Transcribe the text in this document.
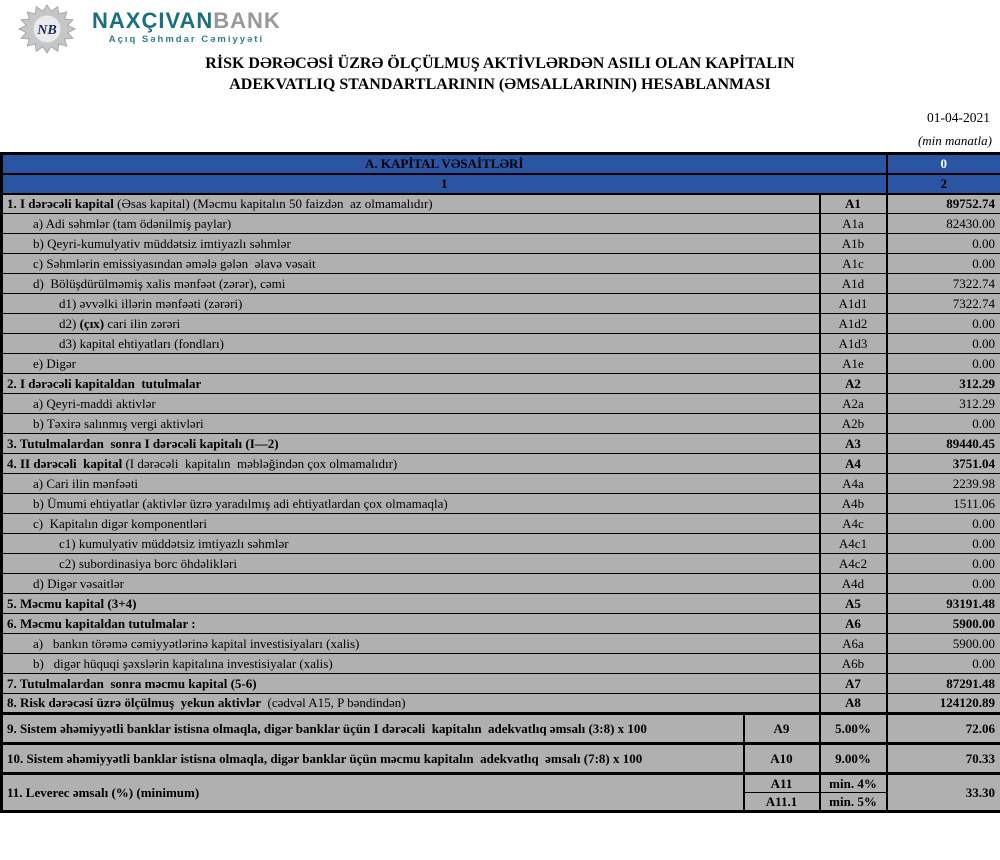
NB NAXÇIVANBANK
Açıq Səhmdar Cəmiyyəti
RİSK DƏRƏCƏSİ ÜZRƏ ÖLÇÜLMUŞ AKTİVLƏRDƏN ASILI OLAN KAPİTALIN
ADEKVATLIQ STANDARTLARININ (ƏMSALLARININ) HESABLANMASI
01-04-2021
(min manatla)
A. KAPİTAL VƏSAİTLƏRİ			0
1			2
1. I dərəcəli kapital (Əsas kapital) (Məcmu kapitalın 50 faizdən  az olmamalıdır)		A1	89752.74
a) Adi səhmlər (tam ödənilmiş paylar)		A1a	82430.00
b) Qeyri-kumulyativ müddətsiz imtiyazlı səhmlər		A1b	0.00
c) Səhmlərin emissiyasından əmələ gələn  əlavə vəsait		A1c	0.00
d)  Bölüşdürülməmiş xalis mənfəət (zərər), cəmi		A1d	7322.74
d1) əvvəlki illərin mənfəəti (zərəri)		A1d1	7322.74
d2) (çıx) cari ilin zərəri		A1d2	0.00
d3) kapital ehtiyatları (fondları)		A1d3	0.00
e) Digər		A1e	0.00
2. I dərəcəli kapitaldan  tutulmalar		A2	312.29
a) Qeyri-maddi aktivlər		A2a	312.29
b) Təxirə salınmış vergi aktivləri		A2b	0.00
3. Tutulmalardan  sonra I dərəcəli kapitalı (I—2)		A3	89440.45
4. II dərəcəli  kapital (I dərəcəli  kapitalın  məbləğindən çox olmamalıdır)		A4	3751.04
a) Cari ilin mənfəəti		A4a	2239.98
b) Ümumi ehtiyatlar (aktivlər üzrə yaradılmış adi ehtiyatlardan çox olmamaqla)		A4b	1511.06
c)  Kapitalın digər komponentləri		A4c	0.00
c1) kumulyativ müddətsiz imtiyazlı səhmlər		A4c1	0.00
c2) subordinasiya borc öhdəlikləri		A4c2	0.00
d) Digər vəsaitlər		A4d	0.00
5. Məcmu kapital (3+4)		A5	93191.48
6. Məcmu kapitaldan tutulmalar :		A6	5900.00
a)   bankın törəmə cəmiyyətlərinə kapital investisiyaları (xalis)		A6a	5900.00
b)   digər hüquqi şəxslərin kapitalına investisiyalar (xalis)		A6b	0.00
7. Tutulmalardan  sonra məcmu kapital (5-6)		A7	87291.48
8. Risk dərəcəsi üzrə ölçülmuş  yekun aktivlər  (cədvəl A15, P bəndindən)		A8	124120.89
9. Sistem əhəmiyyətli banklar istisna olmaqla, digər banklar üçün I dərəcəli  kapitalın  adekvatlıq əmsalı (3:8) x 100	A9	5.00%	72.06
10. Sistem əhəmiyyətli banklar istisna olmaqla, digər banklar üçün məcmu kapitalın  adekvatlıq  əmsalı (7:8) x 100	A10	9.00%	70.33
11. Leverec əmsalı (%) (minimum)	A11	min. 4%	33.30
	A11.1	min. 5%	
